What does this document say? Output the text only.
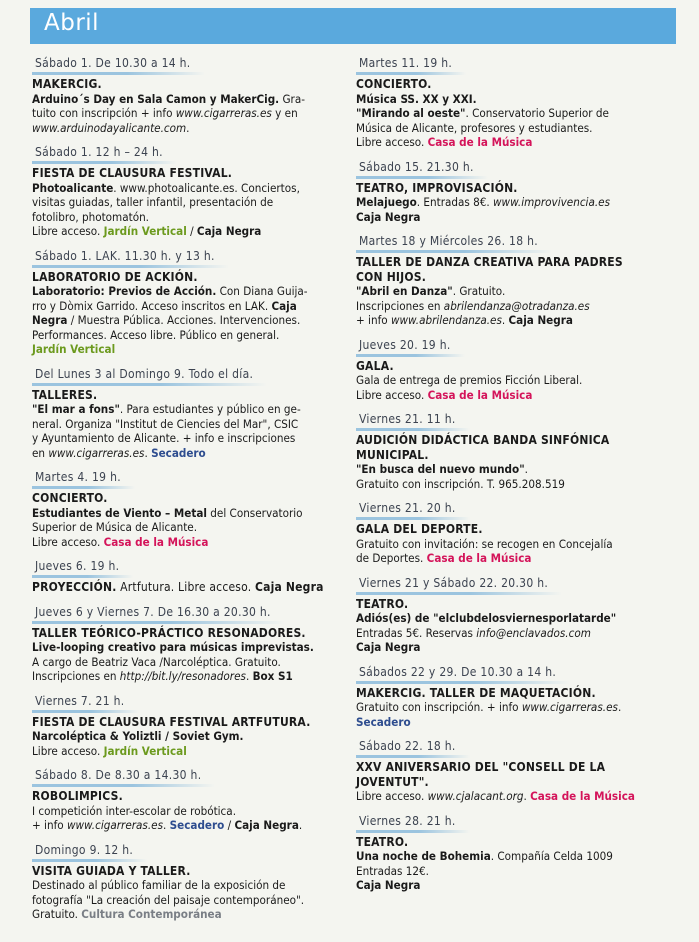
Abril
Sábado 1. De 10.30 a 14 h.
MAKERCIG.
Arduino´s Day en Sala Camon y MakerCig. Gra-
tuito con inscripción + info www.cigarreras.es y en
www.arduinodayalicante.com.
Sábado 1. 12 h – 24 h.
FIESTA DE CLAUSURA FESTIVAL.
Photoalicante. www.photoalicante.es. Conciertos,
visitas guiadas, taller infantil, presentación de
fotolibro, photomatón.
Libre acceso. Jardín Vertical / Caja Negra
Sábado 1. LAK. 11.30 h. y 13 h.
LABORATORIO DE ACKIÓN.
Laboratorio: Previos de Acción. Con Diana Guija-
rro y Dòmix Garrido. Acceso inscritos en LAK. Caja
Negra / Muestra Pública. Acciones. Intervenciones.
Performances. Acceso libre. Público en general.
Jardín Vertical
Del Lunes 3 al Domingo 9. Todo el día.
TALLERES.
"El mar a fons". Para estudiantes y público en ge-
neral. Organiza "Institut de Ciencies del Mar", CSIC
y Ayuntamiento de Alicante. + info e inscripciones
en www.cigarreras.es. Secadero
Martes 4. 19 h.
CONCIERTO.
Estudiantes de Viento – Metal del Conservatorio
Superior de Música de Alicante.
Libre acceso. Casa de la Música
Jueves 6. 19 h.
PROYECCIÓN. Artfutura. Libre acceso. Caja Negra
Jueves 6 y Viernes 7. De 16.30 a 20.30 h.
TALLER TEÓRICO-PRÁCTICO RESONADORES.
Live-looping creativo para músicas imprevistas.
A cargo de Beatriz Vaca /Narcoléptica. Gratuito.
Inscripciones en http://bit.ly/resonadores. Box S1
Viernes 7. 21 h.
FIESTA DE CLAUSURA FESTIVAL ARTFUTURA.
Narcoléptica & Yoliztli / Soviet Gym.
Libre acceso. Jardín Vertical
Sábado 8. De 8.30 a 14.30 h.
ROBOLIMPICS.
I competición inter-escolar de robótica.
+ info www.cigarreras.es. Secadero / Caja Negra.
Domingo 9. 12 h.
VISITA GUIADA Y TALLER.
Destinado al público familiar de la exposición de
fotografía "La creación del paisaje contemporáneo".
Gratuito. Cultura Contemporánea
Martes 11. 19 h.
CONCIERTO.
Música SS. XX y XXI.
"Mirando al oeste". Conservatorio Superior de
Música de Alicante, profesores y estudiantes.
Libre acceso. Casa de la Música
Sábado 15. 21.30 h.
TEATRO, IMPROVISACIÓN.
Melajuego. Entradas 8€. www.improvivencia.es
Caja Negra
Martes 18 y Miércoles 26. 18 h.
TALLER DE DANZA CREATIVA PARA PADRES
CON HIJOS.
"Abril en Danza". Gratuito.
Inscripciones en abrilendanza@otradanza.es
+ info www.abrilendanza.es. Caja Negra
Jueves 20. 19 h.
GALA.
Gala de entrega de premios Ficción Liberal.
Libre acceso. Casa de la Música
Viernes 21. 11 h.
AUDICIÓN DIDÁCTICA BANDA SINFÓNICA
MUNICIPAL.
"En busca del nuevo mundo".
Gratuito con inscripción. T. 965.208.519
Viernes 21. 20 h.
GALA DEL DEPORTE.
Gratuito con invitación: se recogen en Concejalía
de Deportes. Casa de la Música
Viernes 21 y Sábado 22. 20.30 h.
TEATRO.
Adiós(es) de "elclubdelosviernesporlatarde"
Entradas 5€. Reservas info@enclavados.com
Caja Negra
Sábados 22 y 29. De 10.30 a 14 h.
MAKERCIG. TALLER DE MAQUETACIÓN.
Gratuito con inscripción. + info www.cigarreras.es.
Secadero
Sábado 22. 18 h.
XXV ANIVERSARIO DEL "CONSELL DE LA
JOVENTUT".
Libre acceso. www.cjalacant.org. Casa de la Música
Viernes 28. 21 h.
TEATRO.
Una noche de Bohemia. Compañía Celda 1009
Entradas 12€.
Caja Negra
